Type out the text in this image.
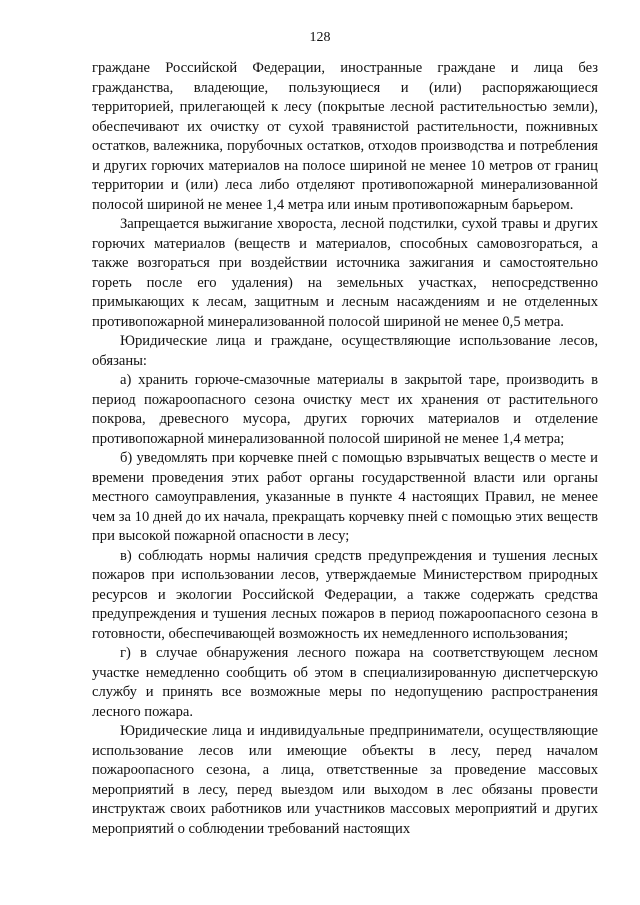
128

граждане Российской Федерации, иностранные граждане и лица без гражданства, владеющие, пользующиеся и (или) распоряжающиеся территорией, прилегающей к лесу (покрытые лесной растительностью земли), обеспечивают их очистку от сухой травянистой растительности, пожнивных остатков, валежника, порубочных остатков, отходов производства и потребления и других горючих материалов на полосе шириной не менее 10 метров от границ территории и (или) леса либо отделяют противопожарной минерализованной полосой шириной не менее 1,4 метра или иным противопожарным барьером.

Запрещается выжигание хвороста, лесной подстилки, сухой травы и других горючих материалов (веществ и материалов, способных самовозгораться, а также возгораться при воздействии источника зажигания и самостоятельно гореть после его удаления) на земельных участках, непосредственно примыкающих к лесам, защитным и лесным насаждениям и не отделенных противопожарной минерализованной полосой шириной не менее 0,5 метра.

Юридические лица и граждане, осуществляющие использование лесов, обязаны:

а) хранить горюче-смазочные материалы в закрытой таре, производить в период пожароопасного сезона очистку мест их хранения от растительного покрова, древесного мусора, других горючих материалов и отделение противопожарной минерализованной полосой шириной не менее 1,4 метра;

б) уведомлять при корчевке пней с помощью взрывчатых веществ о месте и времени проведения этих работ органы государственной власти или органы местного самоуправления, указанные в пункте 4 настоящих Правил, не менее чем за 10 дней до их начала, прекращать корчевку пней с помощью этих веществ при высокой пожарной опасности в лесу;

в) соблюдать нормы наличия средств предупреждения и тушения лесных пожаров при использовании лесов, утверждаемые Министерством природных ресурсов и экологии Российской Федерации, а также содержать средства предупреждения и тушения лесных пожаров в период пожароопасного сезона в готовности, обеспечивающей возможность их немедленного использования;

г) в случае обнаружения лесного пожара на соответствующем лесном участке немедленно сообщить об этом в специализированную диспетчерскую службу и принять все возможные меры по недопущению распространения лесного пожара.

Юридические лица и индивидуальные предприниматели, осуществляющие использование лесов или имеющие объекты в лесу, перед началом пожароопасного сезона, а лица, ответственные за проведение массовых мероприятий в лесу, перед выездом или выходом в лес обязаны провести инструктаж своих работников или участников массовых мероприятий и других мероприятий о соблюдении требований настоящих
